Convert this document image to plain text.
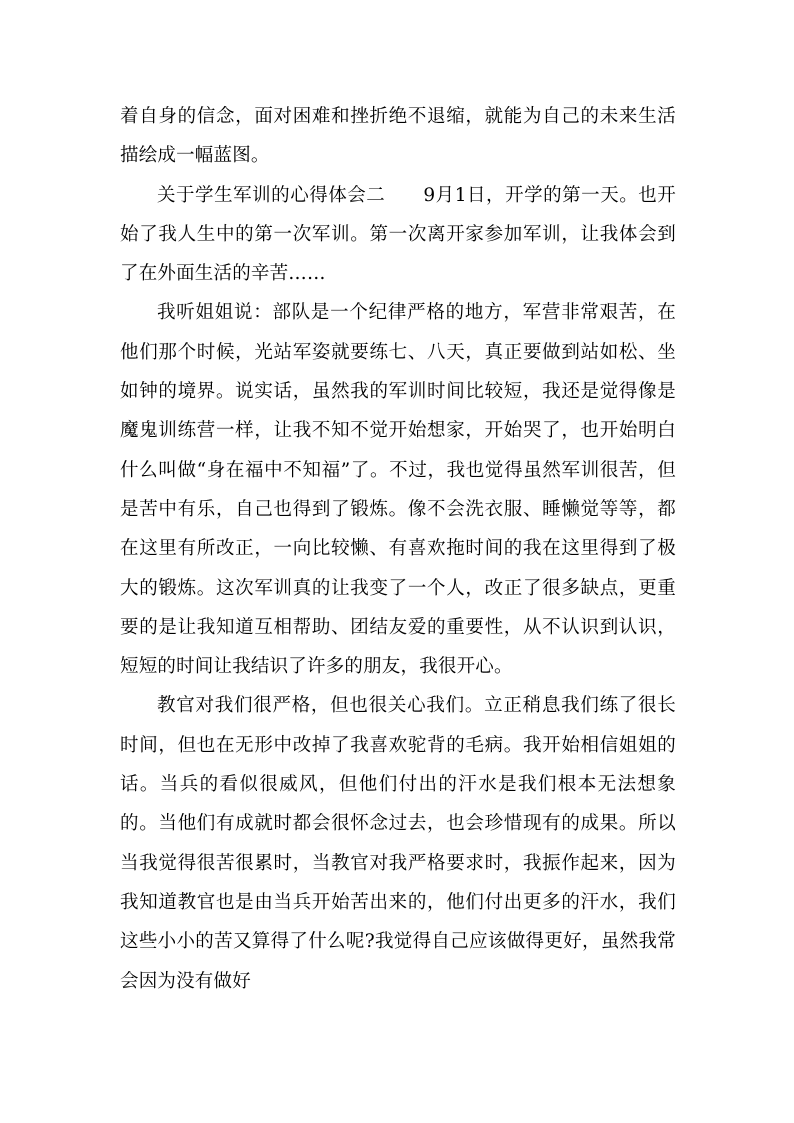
着自身的信念，面对困难和挫折绝不退缩，就能为自己的未来生活描绘成一幅蓝图。

关于学生军训的心得体会二　　9月1日，开学的第一天。也开始了我人生中的第一次军训。第一次离开家参加军训，让我体会到了在外面生活的辛苦……

我听姐姐说：部队是一个纪律严格的地方，军营非常艰苦，在他们那个时候，光站军姿就要练七、八天，真正要做到站如松、坐如钟的境界。说实话，虽然我的军训时间比较短，我还是觉得像是魔鬼训练营一样，让我不知不觉开始想家，开始哭了，也开始明白什么叫做“身在福中不知福”了。不过，我也觉得虽然军训很苦，但是苦中有乐，自己也得到了锻炼。像不会洗衣服、睡懒觉等等，都在这里有所改正，一向比较懒、有喜欢拖时间的我在这里得到了极大的锻炼。这次军训真的让我变了一个人，改正了很多缺点，更重要的是让我知道互相帮助、团结友爱的重要性，从不认识到认识，短短的时间让我结识了许多的朋友，我很开心。

教官对我们很严格，但也很关心我们。立正稍息我们练了很长时间，但也在无形中改掉了我喜欢驼背的毛病。我开始相信姐姐的话。当兵的看似很威风，但他们付出的汗水是我们根本无法想象的。当他们有成就时都会很怀念过去，也会珍惜现有的成果。所以当我觉得很苦很累时，当教官对我严格要求时，我振作起来，因为我知道教官也是由当兵开始苦出来的，他们付出更多的汗水，我们这些小小的苦又算得了什么呢?我觉得自己应该做得更好，虽然我常会因为没有做好
